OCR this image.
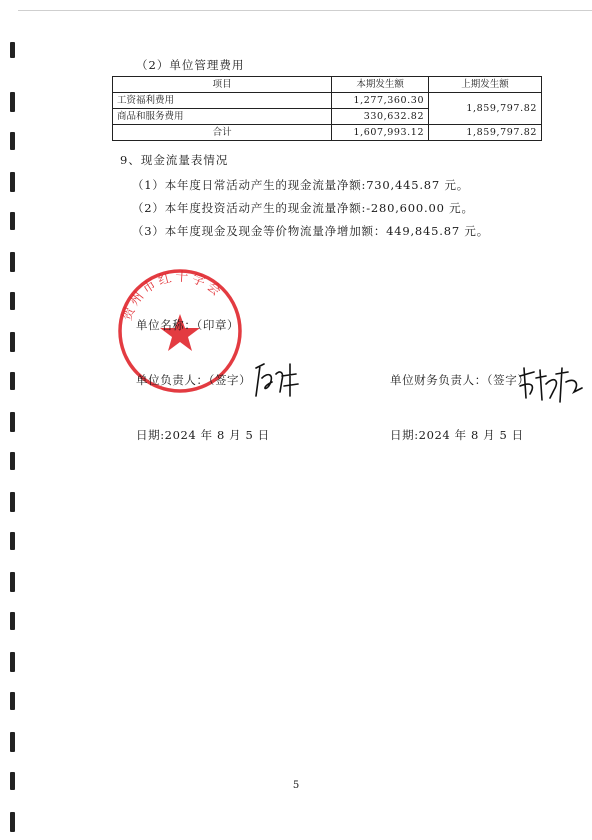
（2）单位管理费用
项目	本期发生额	上期发生额
工资福利费用	1,277,360.30	1,859,797.82
商品和服务费用	330,632.82	
合计	1,607,993.12	1,859,797.82
9、现金流量表情况
（1）本年度日常活动产生的现金流量净额:730,445.87 元。
（2）本年度投资活动产生的现金流量净额:-280,600.00 元。
（3）本年度现金及现金等价物流量净增加额：449,845.87 元。
贺州市红十字会
单位名称：（印章）
单位负责人：（签字）	单位财务负责人：（签字）
日期:2024 年 8 月 5 日	日期:2024 年 8 月 5 日
5
